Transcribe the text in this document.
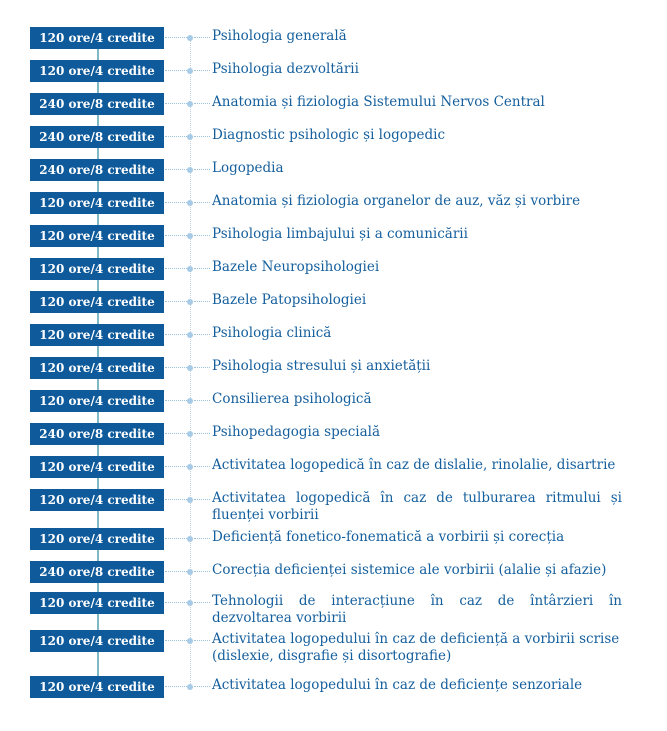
120 ore/4 credite	Psihologia generală
120 ore/4 credite	Psihologia dezvoltării
240 ore/8 credite	Anatomia și fiziologia Sistemului Nervos Central
240 ore/8 credite	Diagnostic psihologic și logopedic
240 ore/8 credite	Logopedia
120 ore/4 credite	Anatomia și fiziologia organelor de auz, văz și vorbire
120 ore/4 credite	Psihologia limbajului și a comunicării
120 ore/4 credite	Bazele Neuropsihologiei
120 ore/4 credite	Bazele Patopsihologiei
120 ore/4 credite	Psihologia clinică
120 ore/4 credite	Psihologia stresului și anxietății
120 ore/4 credite	Consilierea psihologică
240 ore/8 credite	Psihopedagogia specială
120 ore/4 credite	Activitatea logopedică în caz de dislalie, rinolalie, disartrie
120 ore/4 credite	Activitatea logopedică în caz de tulburarea ritmului și fluenței vorbirii
120 ore/4 credite	Deficiență fonetico-fonematică a vorbirii și corecția
240 ore/8 credite	Corecția deficienței sistemice ale vorbirii (alalie și afazie)
120 ore/4 credite	Tehnologii de interacțiune în caz de întârzieri în dezvoltarea vorbirii
120 ore/4 credite	Activitatea logopedului în caz de deficiență a vorbirii scrise (dislexie, disgrafie și disortografie)
120 ore/4 credite	Activitatea logopedului în caz de deficiențe senzoriale
